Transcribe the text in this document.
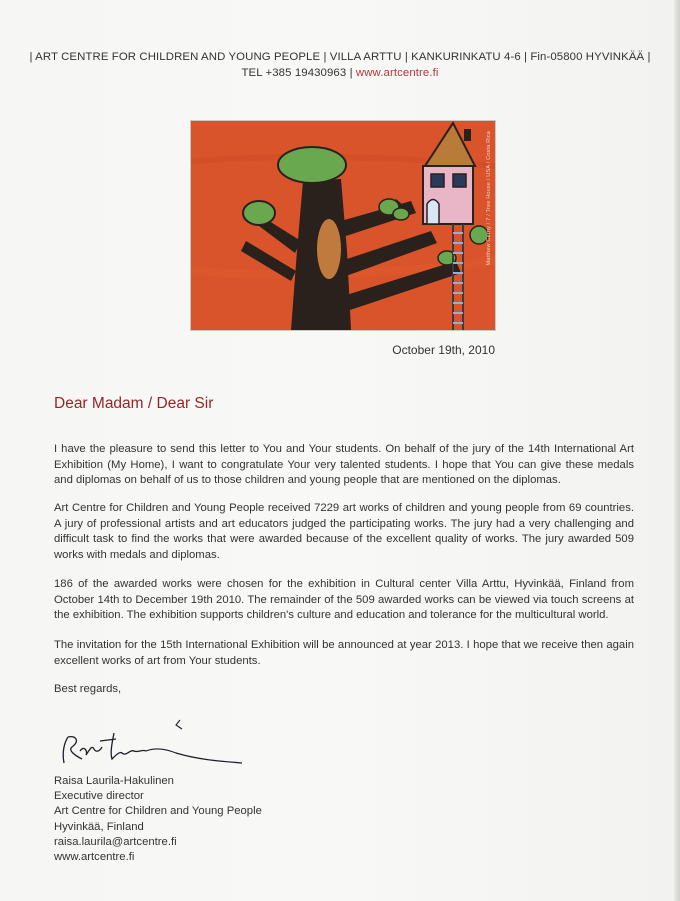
| ART CENTRE FOR CHILDREN AND YOUNG PEOPLE | VILLA ARTTU | KANKURINKATU 4-6 | Fin-05800 HYVINKÄÄ |
TEL +385 19430963 | www.artcentre.fi
Matthew Cerny / 7 / Tree House / USA / Costa Rica
October 19th, 2010
Dear Madam / Dear Sir

I have the pleasure to send this letter to You and Your students. On behalf of the jury of the 14th International Art Exhibition (My Home), I want to congratulate Your very talented students. I hope that You can give these medals and diplomas on behalf of us to those children and young people that are mentioned on the diplomas.

Art Centre for Children and Young People received 7229 art works of children and young people from 69 countries. A jury of professional artists and art educators judged the participating works. The jury had a very challenging and difficult task to find the works that were awarded because of the excellent quality of works. The jury awarded 509 works with medals and diplomas.

186 of the awarded works were chosen for the exhibition in Cultural center Villa Arttu, Hyvinkää, Finland from October 14th to December 19th 2010. The remainder of the 509 awarded works can be viewed via touch screens at the exhibition. The exhibition supports children's culture and education and tolerance for the multicultural world.

The invitation for the 15th International Exhibition will be announced at year 2013. I hope that we receive then again excellent works of art from Your students.

Best regards,

Raisa Laurila-Hakulinen
Executive director
Art Centre for Children and Young People
Hyvinkää, Finland
raisa.laurila@artcentre.fi
www.artcentre.fi
